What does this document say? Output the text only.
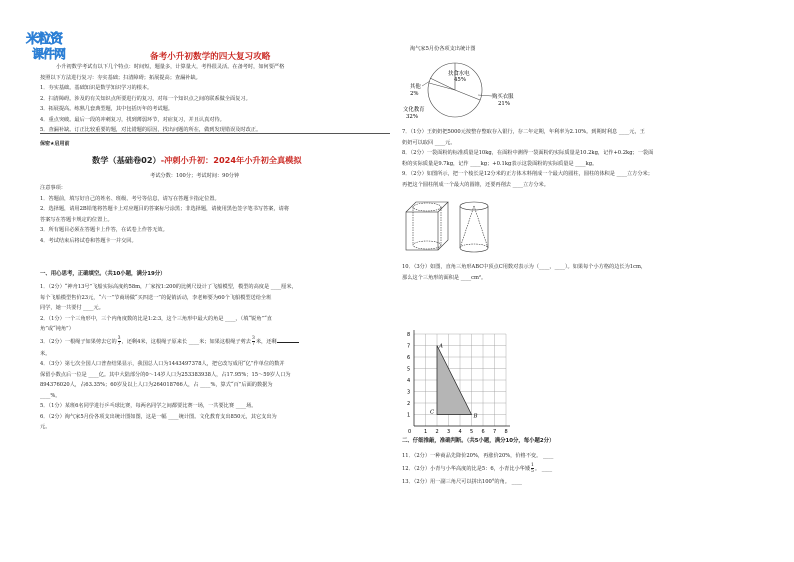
米粒资
课件网	备考小升初数学的四大复习攻略

小升初数学考试有以下几个特点：时间短，题量多，计算量大，考得很灵活。在备考时，如何要严格

按照以下方法进行复习：夯实基础；扫清障碍；拓展提高；查漏补缺。

1．夯实基础。基础知识是数学知识学习的根本。

2．扫清障碍。涉及的有关知识点所要进行的复习，对每一个知识点之间的联系做全面复习。

3．拓展提高。练熟几套典型题，其中包括历年的考试题。

4．重点突破。最后一段的冲刺复习，找到薄弱环节，对症复习，并且认真对待。

5．查漏补缺。订正比较重要的题，对比错题的原因，找出问题的所在，做到发现错误及时改正。

保密★启用前
数学（基础卷02）-冲刺小升初：2024年小升初全真模拟
考试分数：100分；考试时间：90分钟

注意事项：

1．答题前，填写好自己的姓名、班级、考号等信息，请写在答题卡指定位置。

2．选择题，请用2B铅笔将答题卡上对应题目的答案标号涂黑；非选择题，请使用黑色签字笔书写答案，请将

答案写在答题卡规定的位置上。

3．所有题目必须在答题卡上作答，在试卷上作答无效。

4．考试结束后将试卷和答题卡一并交回。

一、用心思考，正确填空。（共10小题，满分19分）

1．（2分）“神舟13号”飞船实际高度约58m，厂家按1:200的比例尺设计了飞船模型，模型的高度是 ____厘米，

每个飞船模型售价23元，“六一”节商场做“买四送一”的促销活动，李老师要为60个飞船模型送给全班

同学，她一共要付 ____元。

2．（1分）一个三角形中，三个内角度数的比是1:2:3，这个三角形中最大的角是 ____，（填“锐角”“直

角”或“钝角”）

3．（2分）一根绳子如果剪去它的 $\frac{3}{7}$ ，还剩4米，这根绳子原来长 ____米；如果这根绳子剪去 $\frac{3}{7}$ 米，还剩

米。

4．（3分）第七次全国人口普查结果显示，我国总人口为1443497378人，把它改写成用“亿”作单位的数并

保留小数点后一位是 ____亿。其中大陆部分的0～14岁人口为253383938人，占17.95%；15～59岁人口为

894376020人，占63.35%；60岁及以上人口为264018766人，占 ____%，算式“百”后面的数据为

____%。

5．（1分）某班6名同学进行乒乓球比赛，每两名同学之间都要比赛一场，一共要比赛 ____场。

6．（2分）淘气家5月份各项支出统计图如图，这是一幅 ____统计图。文化教育支出850元，其它支出为

元。

淘气家5月份各项支出统计图
扶食水电
45%
购买衣服
21%
文化教育
32%
其他
2%

7．（1分）王奶奶把5000元按整存整取存入银行，存二年定期，年利率为2.10%。到期时利息 ____元，王

奶奶可以取回 ____元。

8．（2分）一袋面粉的标准质量是10kg，在面粉中测得一袋面粉的实际质量是10.2kg，记作+0.2kg；一袋面

粉的实际质量是9.7kg，记作 ____kg；+0.1kg表示这袋面粉的实际质量是 ____kg。

9．（2分）如图所示，把一个棱长是12分米的正方体木料削成一个最大的圆柱，圆柱的体积是 ____立方分米；

再把这个圆柱削成一个最大的圆锥，还要再削去 ____立方分米。

10．（3分）如图，直角三角形ABC中顶点C用数对表示为（____，____）。如果每个小方格的边长为1cm，

那么这个三角形的面积是 ____cm²。

1 2 3 4 5 6 7 8
1
2
3
4
5
6
7
8
0
A
B
C

二、仔细推敲，准确判断。（共5小题，满分10分，每小题2分）

11．（2分）一种商品先降价20%，再涨价20%，价格不变。 ____

12．（2分）小青与小华高度的比是5：6，小青比小华矮 $\frac{1}{5}$ 。 ____

13．（2分）用一副三角尺可以拼出100°的角。 ____
